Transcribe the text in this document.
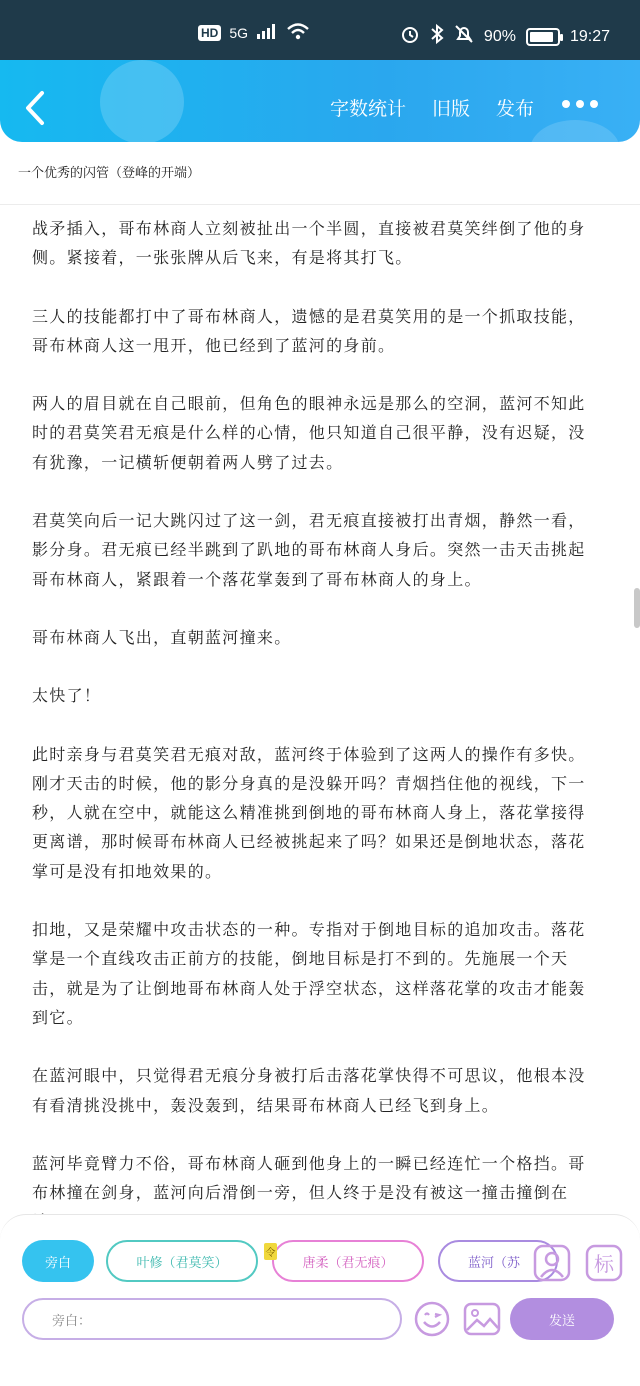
HD 5G	90%	19:27
字数统计 旧版 发布
一个优秀的闪管（登峰的开端）

战矛插入，哥布林商人立刻被扯出一个半圆，直接被君莫笑绊倒了他的身侧。紧接着，一张张牌从后飞来，有是将其打飞。

三人的技能都打中了哥布林商人，遗憾的是君莫笑用的是一个抓取技能，哥布林商人这一甩开，他已经到了蓝河的身前。

两人的眉目就在自己眼前，但角色的眼神永远是那么的空洞，蓝河不知此时的君莫笑君无痕是什么样的心情，他只知道自己很平静，没有迟疑，没有犹豫，一记横斩便朝着两人劈了过去。

君莫笑向后一记大跳闪过了这一剑，君无痕直接被打出青烟，静然一看，影分身。君无痕已经半跳到了趴地的哥布林商人身后。突然一击天击挑起哥布林商人，紧跟着一个落花掌轰到了哥布林商人的身上。

哥布林商人飞出，直朝蓝河撞来。

太快了！

此时亲身与君莫笑君无痕对敌，蓝河终于体验到了这两人的操作有多快。刚才天击的时候，他的影分身真的是没躲开吗？青烟挡住他的视线，下一秒，人就在空中，就能这么精准挑到倒地的哥布林商人身上，落花掌接得更离谱，那时候哥布林商人已经被挑起来了吗？如果还是倒地状态，落花掌可是没有扣地效果的。

扣地，又是荣耀中攻击状态的一种。专指对于倒地目标的追加攻击。落花掌是一个直线攻击正前方的技能，倒地目标是打不到的。先施展一个天击，就是为了让倒地哥布林商人处于浮空状态，这样落花掌的攻击才能轰到它。

在蓝河眼中，只觉得君无痕分身被打后击落花掌快得不可思议，他根本没有看清挑没挑中，轰没轰到，结果哥布林商人已经飞到身上。

蓝河毕竟臂力不俗，哥布林商人砸到他身上的一瞬已经连忙一个格挡。哥布林撞在剑身，蓝河向后滑倒一旁，但人终于是没有被这一撞击撞倒在

旁白	叶修（君莫笑）	唐柔（君无痕）	蓝河（苏
令	标
旁白：	发送
